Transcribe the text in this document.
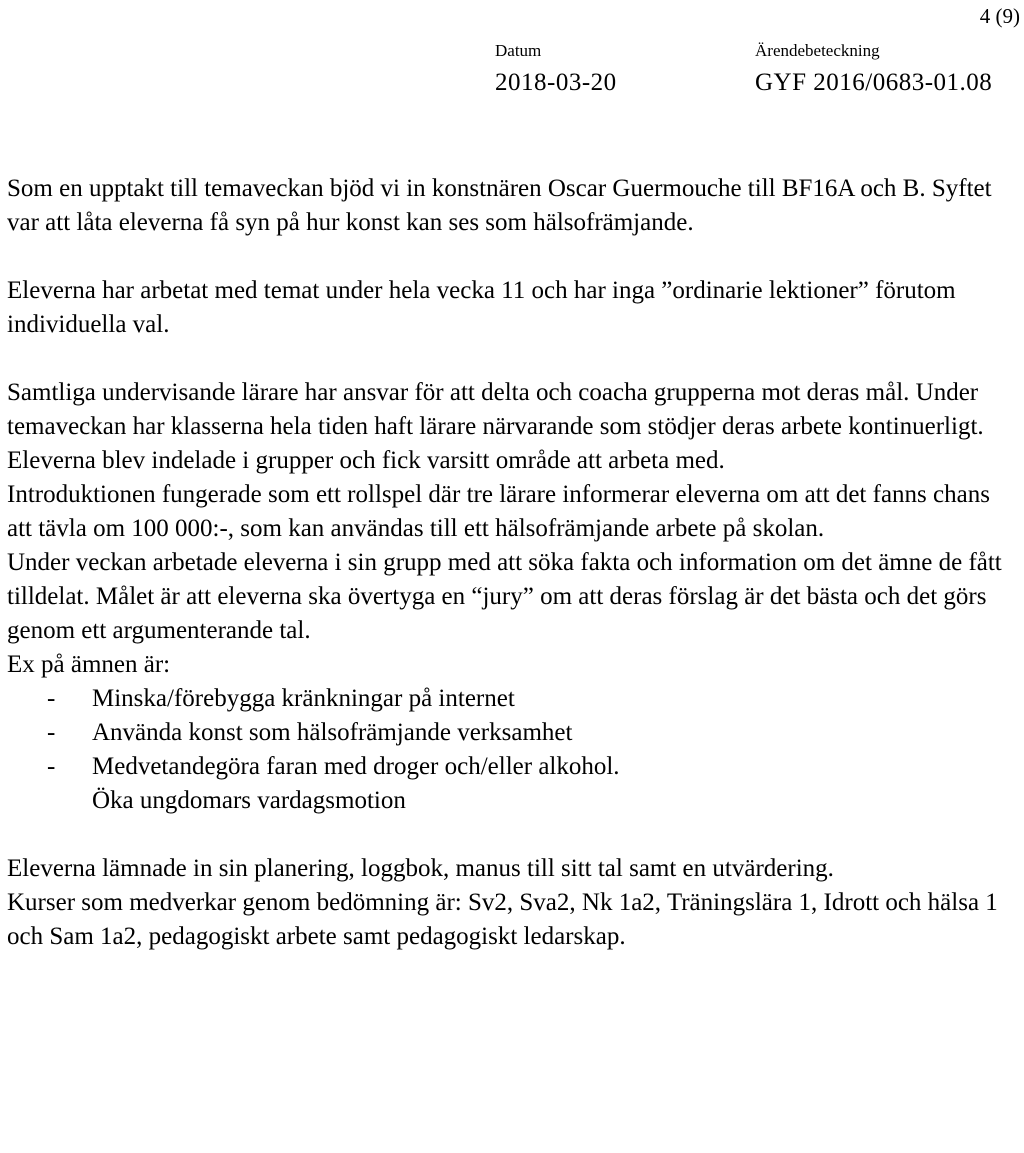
4 (9)
Datum
2018-03-20
Ärendebeteckning
GYF 2016/0683-01.08

Som en upptakt till temaveckan bjöd vi in konstnären Oscar Guermouche till BF16A och B. Syftet var att låta eleverna få syn på hur konst kan ses som hälsofrämjande.

Eleverna har arbetat med temat under hela vecka 11 och har inga ”ordinarie lektioner” förutom individuella val.

Samtliga undervisande lärare har ansvar för att delta och coacha grupperna mot deras mål. Under temaveckan har klasserna hela tiden haft lärare närvarande som stödjer deras arbete kontinuerligt.

Eleverna blev indelade i grupper och fick varsitt område att arbeta med.

Introduktionen fungerade som ett rollspel där tre lärare informerar eleverna om att det fanns chans att tävla om 100 000:-, som kan användas till ett hälsofrämjande arbete på skolan.

Under veckan arbetade eleverna i sin grupp med att söka fakta och information om det ämne de fått tilldelat. Målet är att eleverna ska övertyga en “jury” om att deras förslag är det bästa och det görs genom ett argumenterande tal.

Ex på ämnen är:

- Minska/förebygga kränkningar på internet
- Använda konst som hälsofrämjande verksamhet
- Medvetandegöra faran med droger och/eller alkohol.

Öka ungdomars vardagsmotion

Eleverna lämnade in sin planering, loggbok, manus till sitt tal samt en utvärdering.

Kurser som medverkar genom bedömning är: Sv2, Sva2, Nk 1a2, Träningslära 1, Idrott och hälsa 1 och Sam 1a2, pedagogiskt arbete samt pedagogiskt ledarskap.
